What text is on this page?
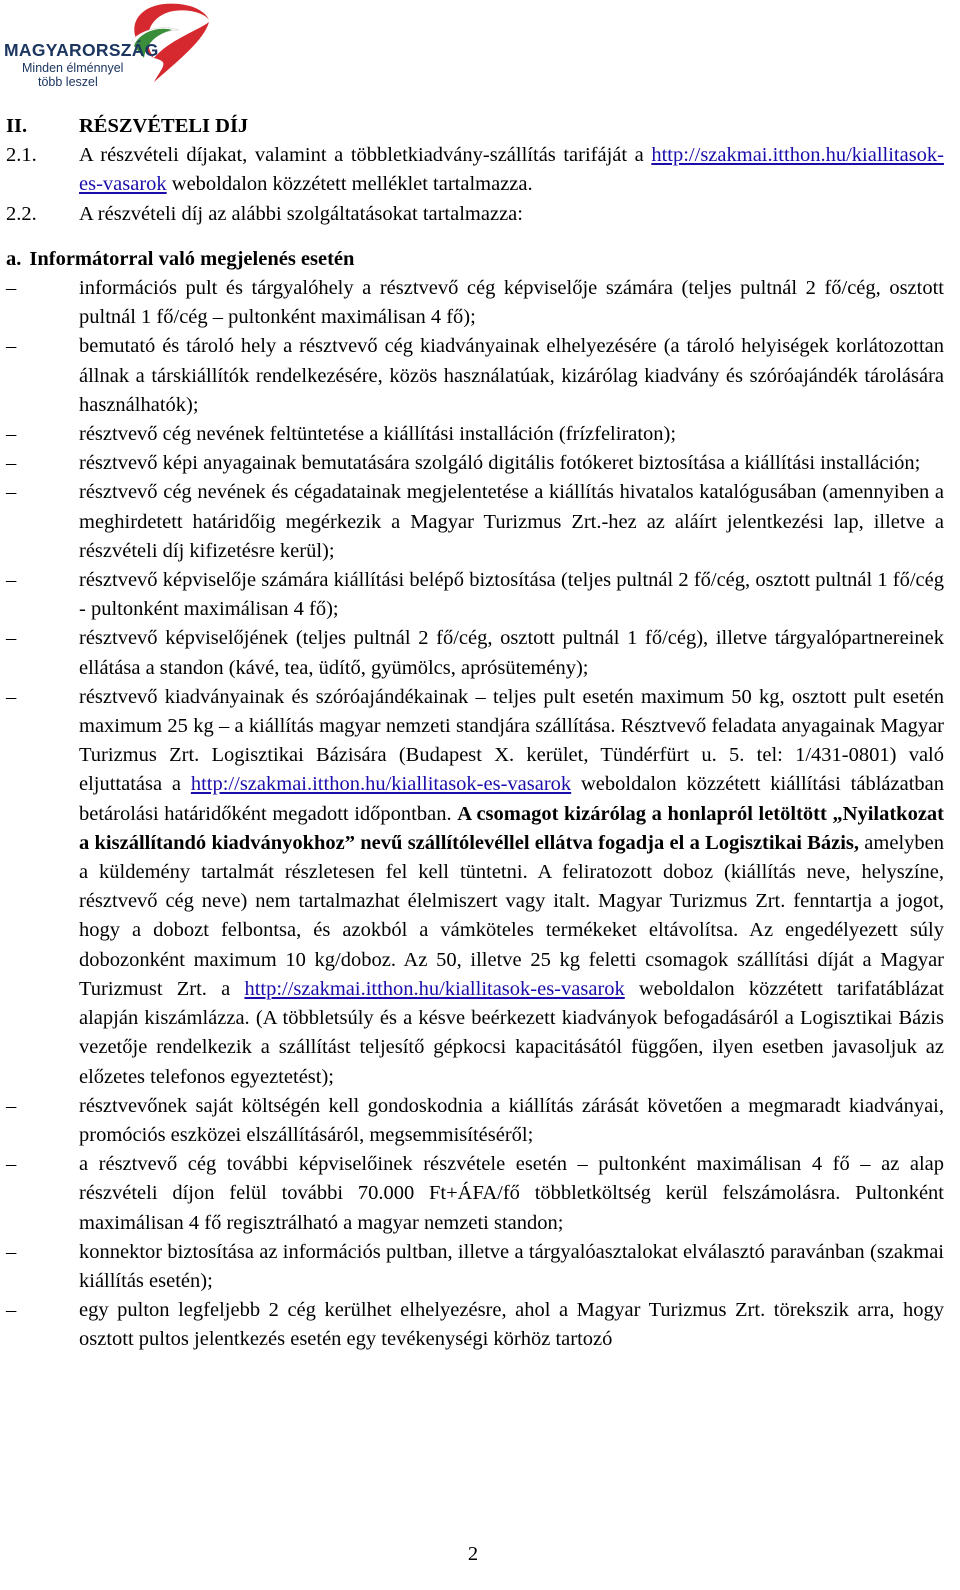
MAGYARORSZÁG
Minden élménnyel
több leszel
II.	RÉSZVÉTELI DÍJ
2.1.	A részvételi díjakat, valamint a többletkiadvány-szállítás tarifáját a http://szakmai.itthon.hu/kiallitasok-es-vasarok weboldalon közzétett melléklet tartalmazza.
2.2.	A részvételi díj az alábbi szolgáltatásokat tartalmazza:
a. Informátorral való megjelenés esetén
–	információs pult és tárgyalóhely a résztvevő cég képviselője számára (teljes pultnál 2 fő/cég, osztott pultnál 1 fő/cég – pultonként maximálisan 4 fő);
–	bemutató és tároló hely a résztvevő cég kiadványainak elhelyezésére (a tároló helyiségek korlátozottan állnak a társkiállítók rendelkezésére, közös használatúak, kizárólag kiadvány és szóróajándék tárolására használhatók);
–	résztvevő cég nevének feltüntetése a kiállítási installáción (frízfeliraton);
–	résztvevő képi anyagainak bemutatására szolgáló digitális fotókeret biztosítása a kiállítási installáción;
–	résztvevő cég nevének és cégadatainak megjelentetése a kiállítás hivatalos katalógusában (amennyiben a meghirdetett határidőig megérkezik a Magyar Turizmus Zrt.-hez az aláírt jelentkezési lap, illetve a részvételi díj kifizetésre kerül);
–	résztvevő képviselője számára kiállítási belépő biztosítása (teljes pultnál 2 fő/cég, osztott pultnál 1 fő/cég - pultonként maximálisan 4 fő);
–	résztvevő képviselőjének (teljes pultnál 2 fő/cég, osztott pultnál 1 fő/cég), illetve tárgyalópartnereinek ellátása a standon (kávé, tea, üdítő, gyümölcs, aprósütemény);
–	résztvevő kiadványainak és szóróajándékainak – teljes pult esetén maximum 50 kg, osztott pult esetén maximum 25 kg – a kiállítás magyar nemzeti standjára szállítása. Résztvevő feladata anyagainak Magyar Turizmus Zrt. Logisztikai Bázisára (Budapest X. kerület, Tündérfürt u. 5. tel: 1/431-0801) való eljuttatása a http://szakmai.itthon.hu/kiallitasok-es-vasarok weboldalon közzétett kiállítási táblázatban betárolási határidőként megadott időpontban. A csomagot kizárólag a honlapról letöltött „Nyilatkozat a kiszállítandó kiadványokhoz” nevű szállítólevéllel ellátva fogadja el a Logisztikai Bázis, amelyben a küldemény tartalmát részletesen fel kell tüntetni. A feliratozott doboz (kiállítás neve, helyszíne, résztvevő cég neve) nem tartalmazhat élelmiszert vagy italt. Magyar Turizmus Zrt. fenntartja a jogot, hogy a dobozt felbontsa, és azokból a vámköteles termékeket eltávolítsa. Az engedélyezett súly dobozonként maximum 10 kg/doboz. Az 50, illetve 25 kg feletti csomagok szállítási díját a Magyar Turizmust Zrt. a http://szakmai.itthon.hu/kiallitasok-es-vasarok weboldalon közzétett tarifatáblázat alapján kiszámlázza. (A többletsúly és a késve beérkezett kiadványok befogadásáról a Logisztikai Bázis vezetője rendelkezik a szállítást teljesítő gépkocsi kapacitásától függően, ilyen esetben javasoljuk az előzetes telefonos egyeztetést);
–	résztvevőnek saját költségén kell gondoskodnia a kiállítás zárását követően a megmaradt kiadványai, promóciós eszközei elszállításáról, megsemmisítéséről;
–	a résztvevő cég további képviselőinek részvétele esetén – pultonként maximálisan 4 fő – az alap részvételi díjon felül további 70.000 Ft+ÁFA/fő többletköltség kerül felszámolásra. Pultonként maximálisan 4 fő regisztrálható a magyar nemzeti standon;
–	konnektor biztosítása az információs pultban, illetve a tárgyalóasztalokat elválasztó paravánban (szakmai kiállítás esetén);
–	egy pulton legfeljebb 2 cég kerülhet elhelyezésre, ahol a Magyar Turizmus Zrt. törekszik arra, hogy osztott pultos jelentkezés esetén egy tevékenységi körhöz tartozó
2
